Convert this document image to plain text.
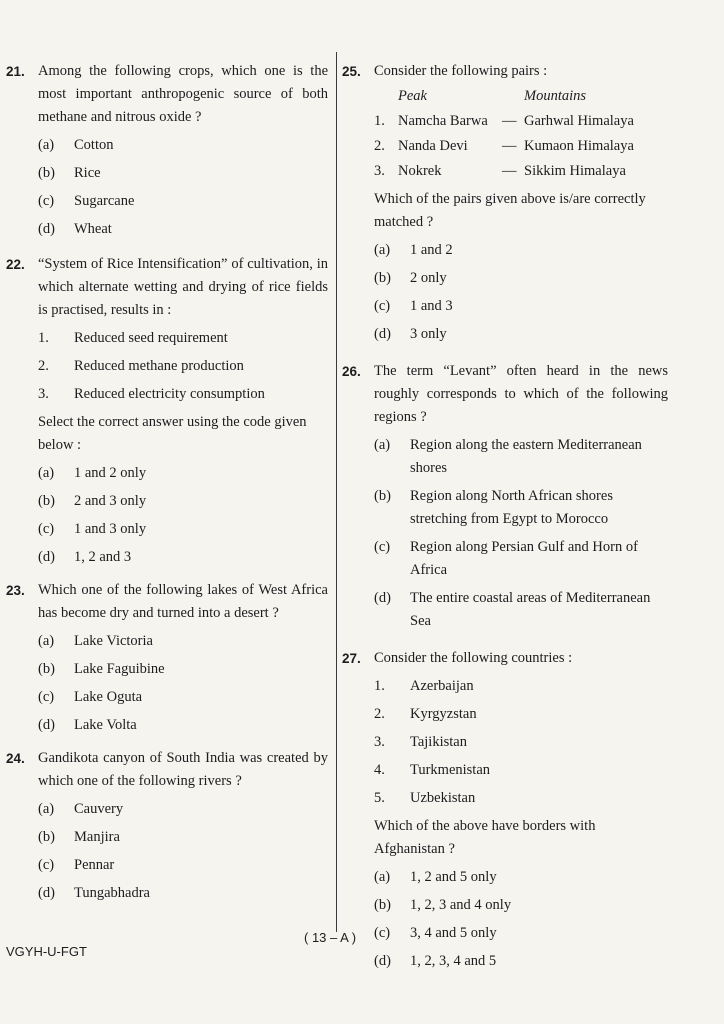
21. Among the following crops, which one is the most important anthropogenic source of both methane and nitrous oxide ?
(a) Cotton
(b) Rice
(c) Sugarcane
(d) Wheat
22. “System of Rice Intensification” of cultivation, in which alternate wetting and drying of rice fields is practised, results in :
1. Reduced seed requirement
2. Reduced methane production
3. Reduced electricity consumption
Select the correct answer using the code given below :
(a) 1 and 2 only
(b) 2 and 3 only
(c) 1 and 3 only
(d) 1, 2 and 3
23. Which one of the following lakes of West Africa has become dry and turned into a desert ?
(a) Lake Victoria
(b) Lake Faguibine
(c) Lake Oguta
(d) Lake Volta
24. Gandikota canyon of South India was created by which one of the following rivers ?
(a) Cauvery
(b) Manjira
(c) Pennar
(d) Tungabhadra
25. Consider the following pairs :
Peak	Mountains
1. Namcha Barwa — Garhwal Himalaya
2. Nanda Devi	— Kumaon Himalaya
3. Nokrek	— Sikkim Himalaya
Which of the pairs given above is/are correctly matched ?
(a) 1 and 2
(b) 2 only
(c) 1 and 3
(d) 3 only
26. The term “Levant” often heard in the news roughly corresponds to which of the following regions ?
(a) Region along the eastern Mediterranean shores
(b) Region along North African shores stretching from Egypt to Morocco
(c) Region along Persian Gulf and Horn of Africa
(d) The entire coastal areas of Mediterranean Sea
27. Consider the following countries :
1. Azerbaijan
2. Kyrgyzstan
3. Tajikistan
4. Turkmenistan
5. Uzbekistan
Which of the above have borders with Afghanistan ?
(a) 1, 2 and 5 only
(b) 1, 2, 3 and 4 only
(c) 3, 4 and 5 only
(d) 1, 2, 3, 4 and 5
( 13 – A )
VGYH-U-FGT
